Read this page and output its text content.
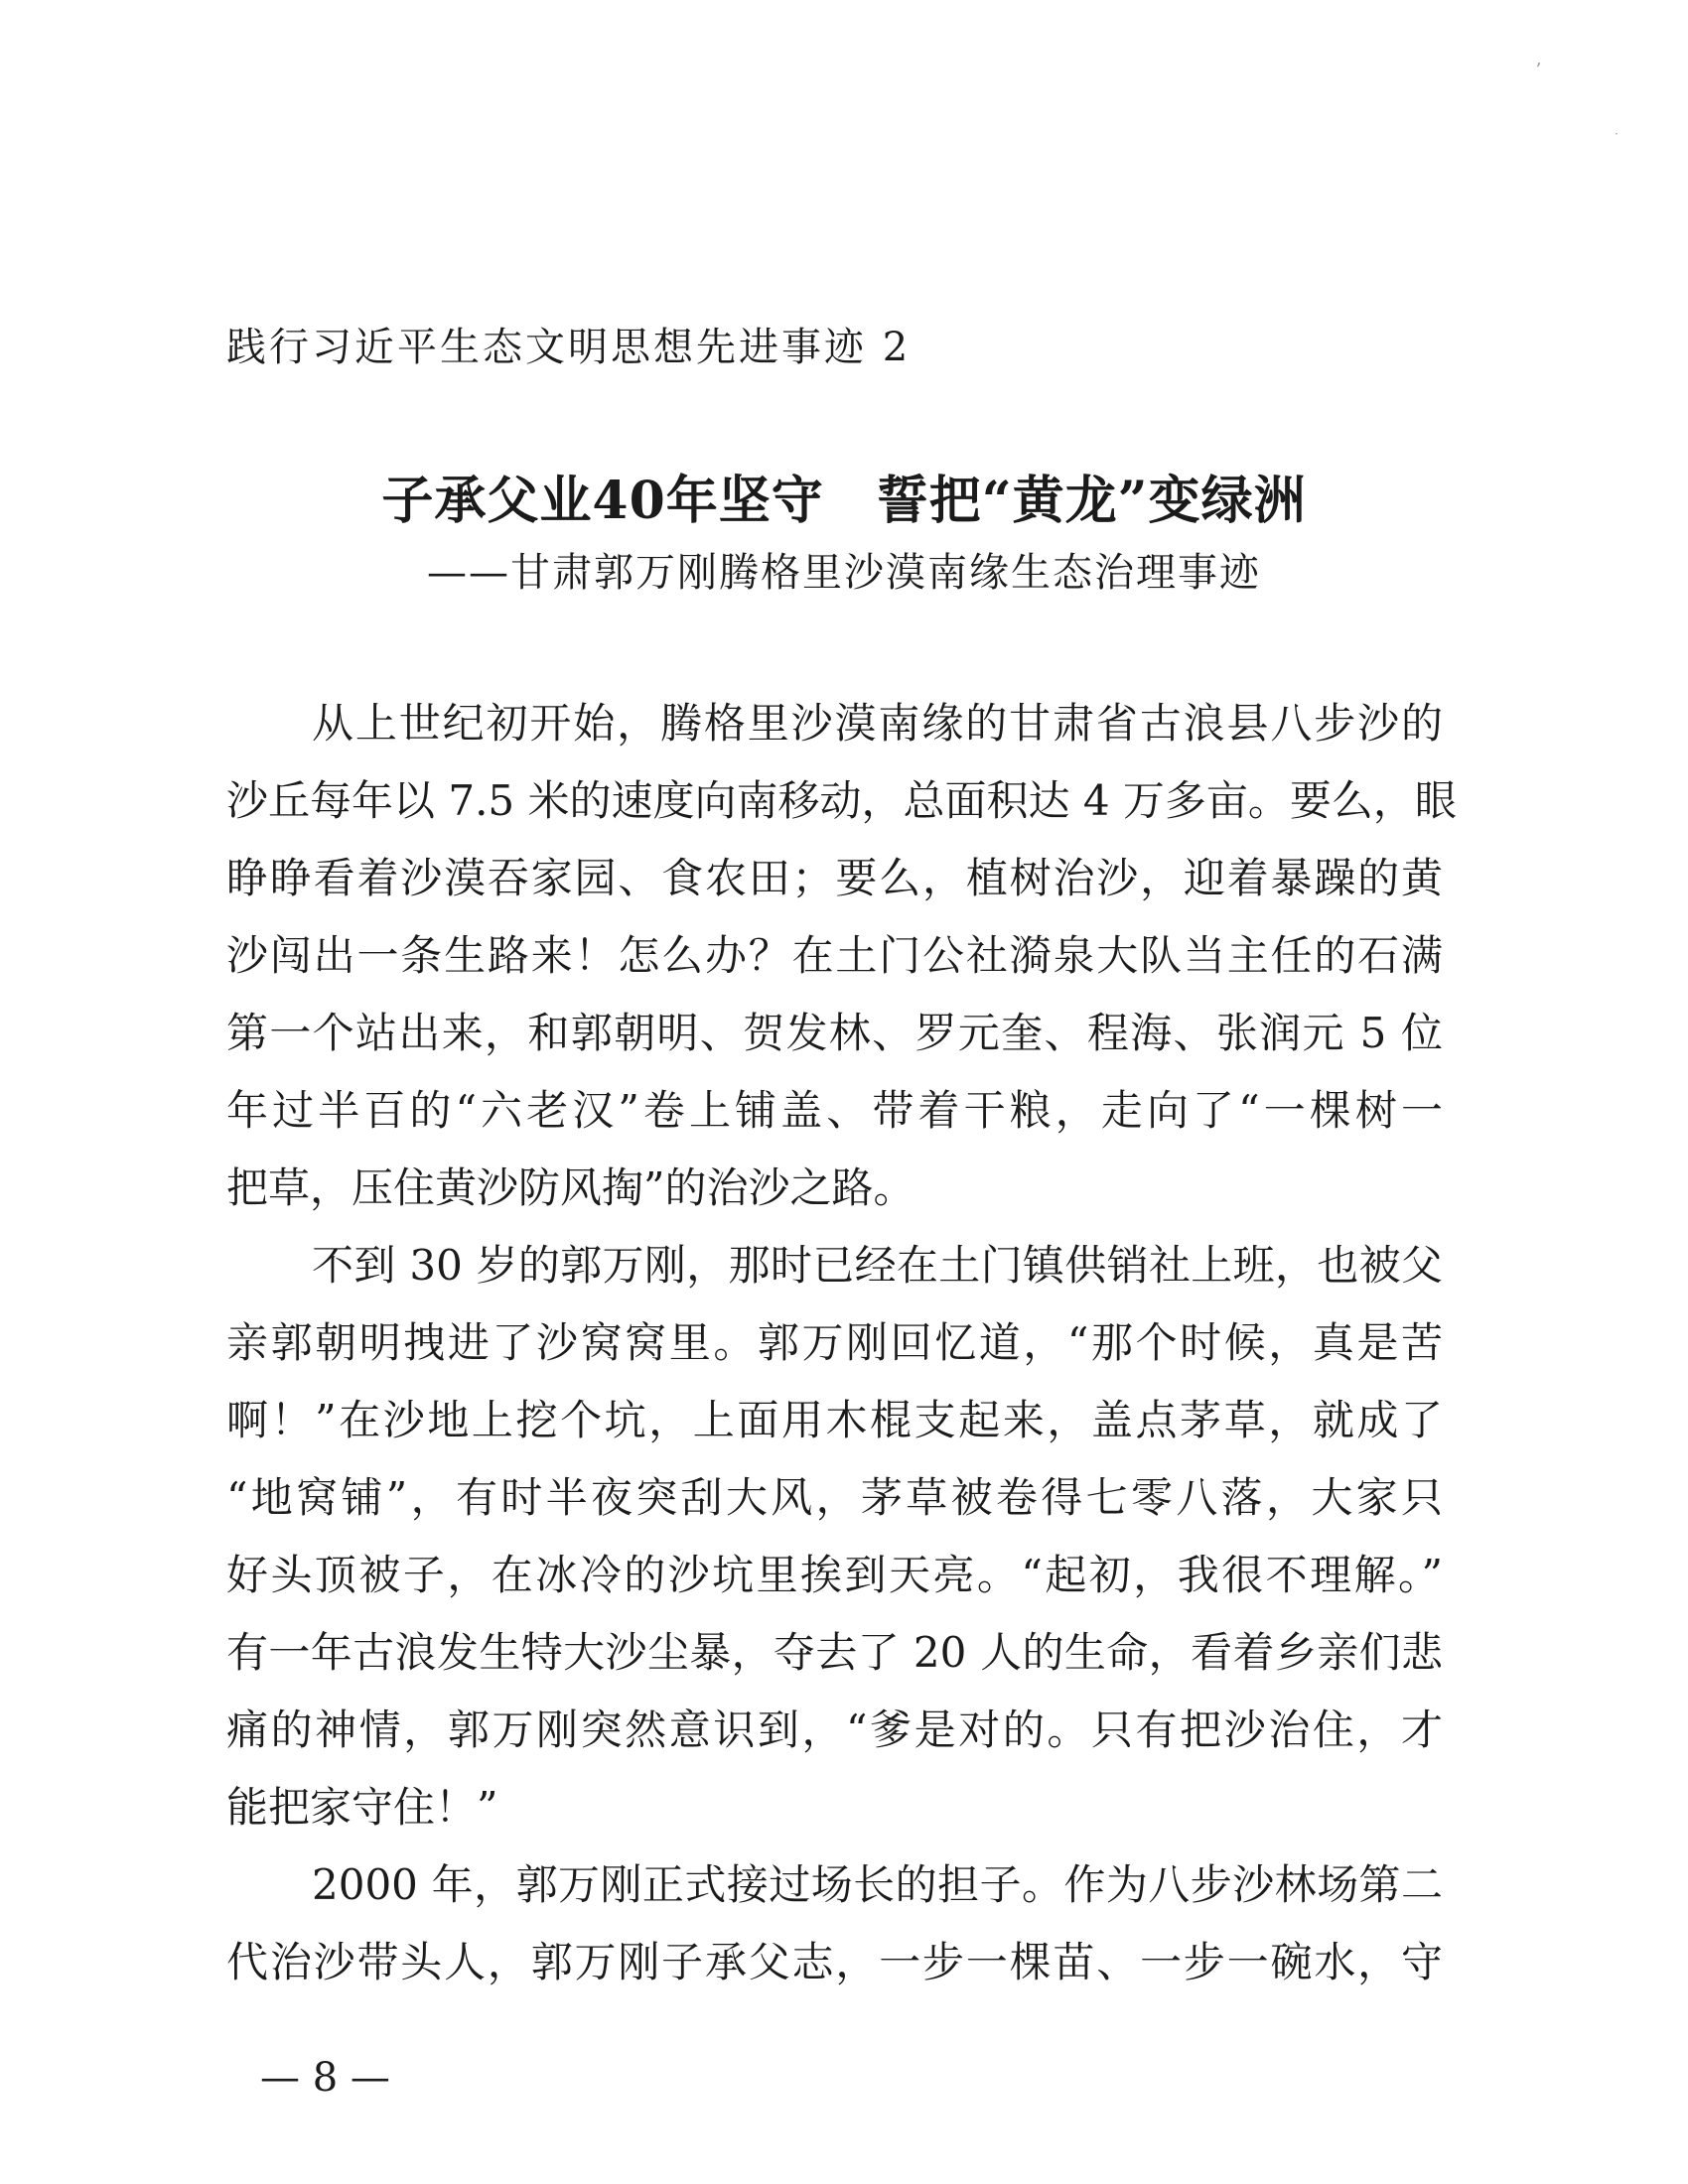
ʼ
·
践行习近平生态文明思想先进事迹 2
子承父业40年坚守　誓把“黄龙”变绿洲
——甘肃郭万刚腾格里沙漠南缘生态治理事迹
从上世纪初开始，腾格里沙漠南缘的甘肃省古浪县八步沙的
沙丘每年以 7.5 米的速度向南移动，总面积达 4 万多亩。要么，眼
睁睁看着沙漠吞家园、食农田；要么，植树治沙，迎着暴躁的黄
沙闯出一条生路来！怎么办？在土门公社漪泉大队当主任的石满
第一个站出来，和郭朝明、贺发林、罗元奎、程海、张润元 5 位
年过半百的“六老汉”卷上铺盖、带着干粮，走向了“一棵树一
把草，压住黄沙防风掏”的治沙之路。
不到 30 岁的郭万刚，那时已经在土门镇供销社上班，也被父
亲郭朝明拽进了沙窝窝里。郭万刚回忆道，“那个时候，真是苦
啊！”在沙地上挖个坑，上面用木棍支起来，盖点茅草，就成了
“地窝铺”，有时半夜突刮大风，茅草被卷得七零八落，大家只
好头顶被子，在冰冷的沙坑里挨到天亮。“起初，我很不理解。”
有一年古浪发生特大沙尘暴，夺去了 20 人的生命，看着乡亲们悲
痛的神情，郭万刚突然意识到，“爹是对的。只有把沙治住，才
能把家守住！”
2000 年，郭万刚正式接过场长的担子。作为八步沙林场第二
代治沙带头人，郭万刚子承父志，一步一棵苗、一步一碗水，守
— 8 —
